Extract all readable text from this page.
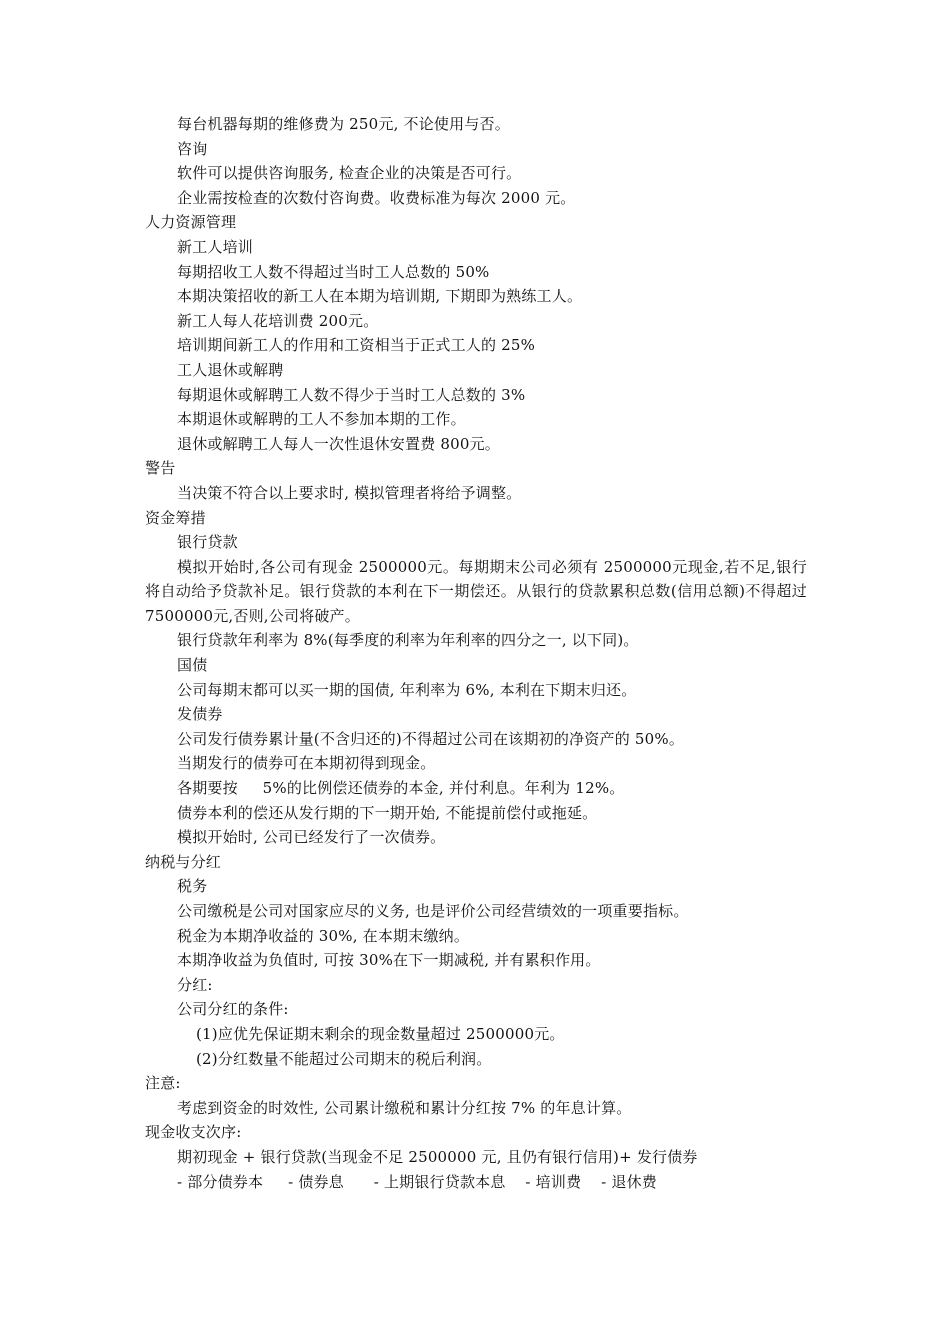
每台机器每期的维修费为 250元, 不论使用与否。
咨询
软件可以提供咨询服务, 检查企业的决策是否可行。
企业需按检查的次数付咨询费。收费标准为每次 2000 元。
人力资源管理
新工人培训
每期招收工人数不得超过当时工人总数的 50%
本期决策招收的新工人在本期为培训期, 下期即为熟练工人。
新工人每人花培训费 200元。
培训期间新工人的作用和工资相当于正式工人的 25%
工人退休或解聘
每期退休或解聘工人数不得少于当时工人总数的 3%
本期退休或解聘的工人不参加本期的工作。
退休或解聘工人每人一次性退休安置费 800元。
警告
当决策不符合以上要求时, 模拟管理者将给予调整。
资金筹措
银行贷款
模拟开始时,各公司有现金 2500000元。每期期末公司必须有 2500000元现金,若不足,银行将自动给予贷款补足。银行贷款的本利在下一期偿还。从银行的贷款累积总数(信用总额)不得超过 7500000元,否则,公司将破产。
银行贷款年利率为 8%(每季度的利率为年利率的四分之一, 以下同)。
国债
公司每期末都可以买一期的国债, 年利率为 6%, 本利在下期末归还。
发债券
公司发行债券累计量(不含归还的)不得超过公司在该期初的净资产的 50%。
当期发行的债券可在本期初得到现金。
各期要按     5%的比例偿还债券的本金, 并付利息。年利为 12%。
债券本利的偿还从发行期的下一期开始, 不能提前偿付或拖延。
模拟开始时, 公司已经发行了一次债券。
纳税与分红
税务
公司缴税是公司对国家应尽的义务, 也是评价公司经营绩效的一项重要指标。
税金为本期净收益的 30%, 在本期末缴纳。
本期净收益为负值时, 可按 30%在下一期减税, 并有累积作用。
分红:
公司分红的条件:
(1)应优先保证期末剩余的现金数量超过 2500000元。
(2)分红数量不能超过公司期末的税后利润。
注意:
考虑到资金的时效性, 公司累计缴税和累计分红按 7% 的年息计算。
现金收支次序:
期初现金 + 银行贷款(当现金不足 2500000 元, 且仍有银行信用)+ 发行债券
- 部分债券本     - 债券息      - 上期银行贷款本息    - 培训费    - 退休费
